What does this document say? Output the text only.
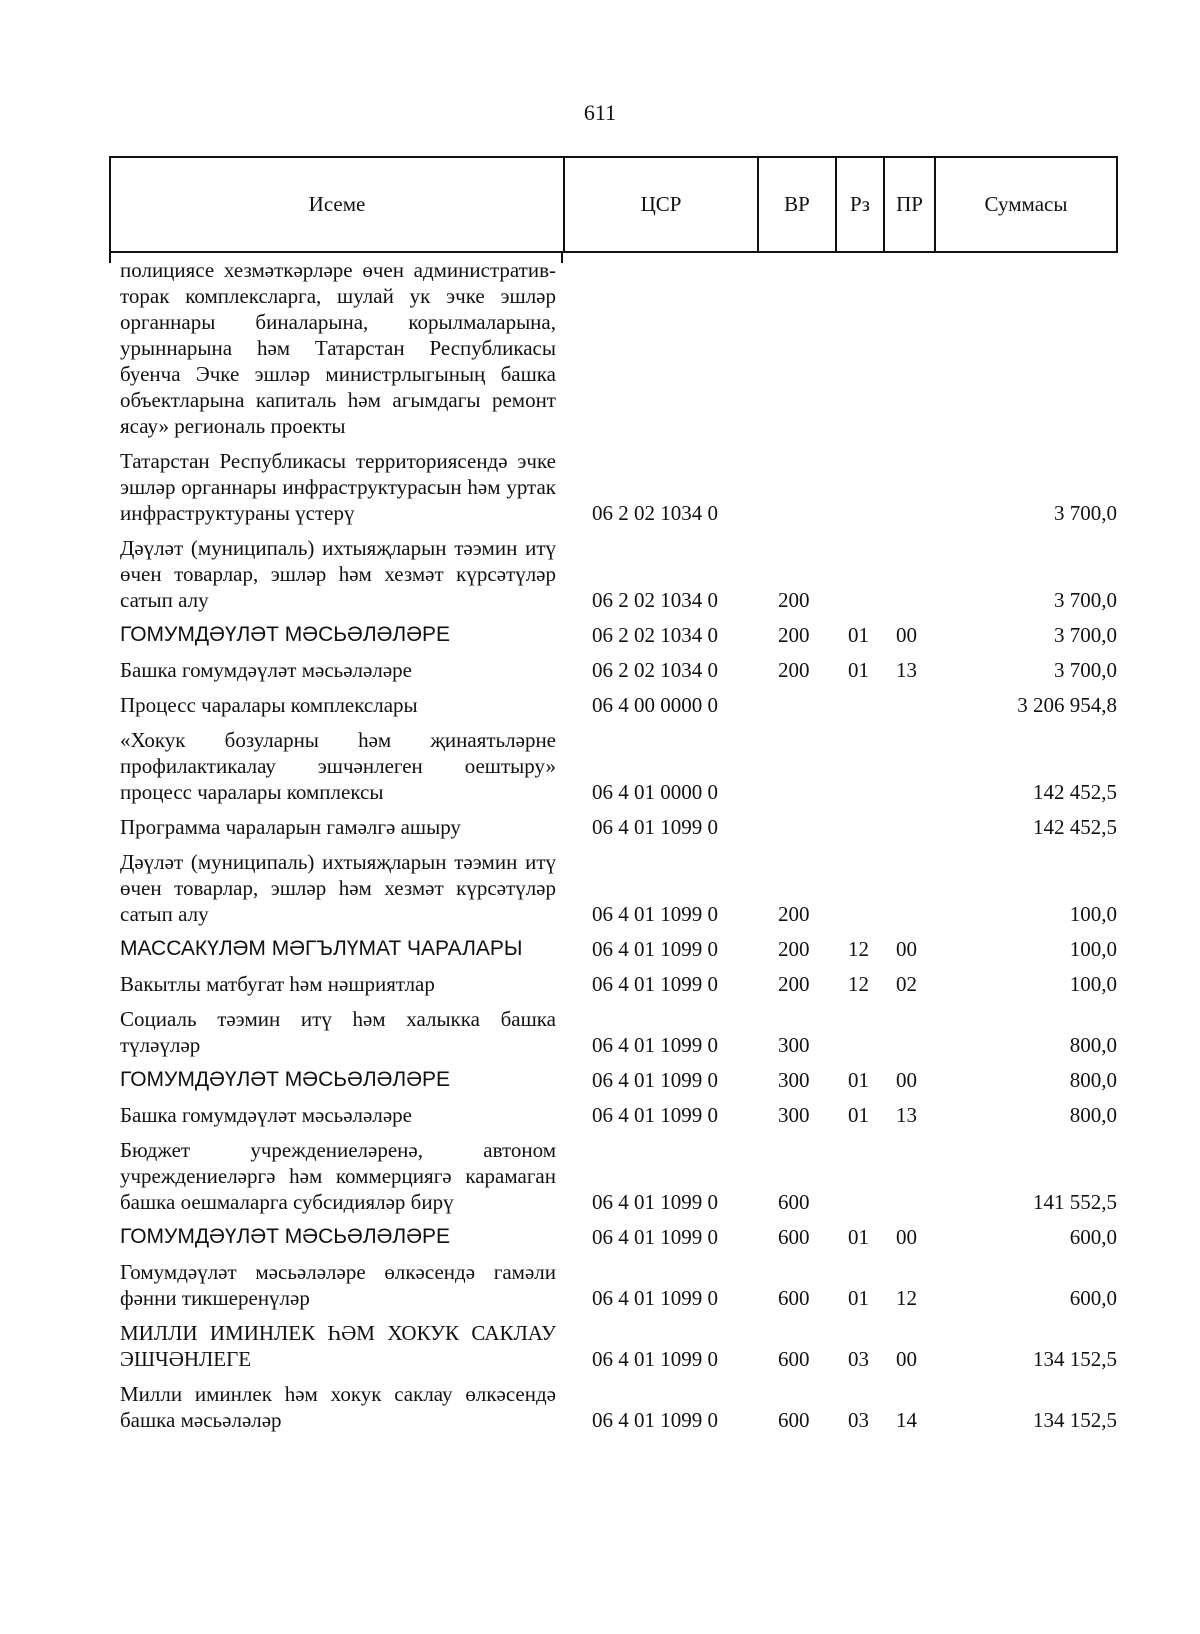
611
Исеме	ЦСР	ВР	Рз	ПР	Суммасы
полициясе хезмәткәрләре өчен административ-торак комплексларга, шулай ук эчке эшләр органнары биналарына, корылмаларына, урыннарына һәм Татарстан Республикасы буенча Эчке эшләр министрлыгының башка объектларына капиталь һәм агымдагы ремонт ясау» региональ проекты
Татарстан Республикасы территориясендә эчке эшләр органнары инфраструктурасын һәм уртак инфраструктураны үстерү	06 2 02 1034 0	3 700,0
Дәүләт (муниципаль) ихтыяҗларын тәэмин итү өчен товарлар, эшләр һәм хезмәт күрсәтүләр сатып алу	06 2 02 1034 0	200	3 700,0
ГОМУМДӘҮЛӘТ МӘСЬӘЛӘЛӘРЕ	06 2 02 1034 0	200 01 00	3 700,0
Башка гомумдәүләт мәсьәләләре	06 2 02 1034 0	200 01 13	3 700,0
Процесс чаралары комплекслары	06 4 00 0000 0	3 206 954,8
«Хокук бозуларны һәм җинаятьләрне профилактикалау эшчәнлеген оештыру» процесс чаралары комплексы	06 4 01 0000 0	142 452,5
Программа чараларын гамәлгә ашыру	06 4 01 1099 0	142 452,5
Дәүләт (муниципаль) ихтыяҗларын тәэмин итү өчен товарлар, эшләр һәм хезмәт күрсәтүләр сатып алу	06 4 01 1099 0	200	100,0
МАССАКҮЛӘМ МӘГЪЛҮМАТ ЧАРАЛАРЫ	06 4 01 1099 0	200 12 00	100,0
Вакытлы матбугат һәм нәшриятлар	06 4 01 1099 0	200 12 02	100,0
Социаль тәэмин итү һәм халыкка башка түләүләр	06 4 01 1099 0	300	800,0
ГОМУМДӘҮЛӘТ МӘСЬӘЛӘЛӘРЕ	06 4 01 1099 0	300 01 00	800,0
Башка гомумдәүләт мәсьәләләре	06 4 01 1099 0	300 01 13	800,0
Бюджет учреждениеләренә, автоном учреждениеләргә һәм коммерциягә карамаган башка оешмаларга субсидияләр бирү	06 4 01 1099 0	600	141 552,5
ГОМУМДӘҮЛӘТ МӘСЬӘЛӘЛӘРЕ	06 4 01 1099 0	600 01 00	600,0
Гомумдәүләт мәсьәләләре өлкәсендә гамәли фәнни тикшеренүләр	06 4 01 1099 0	600 01 12	600,0
МИЛЛИ ИМИНЛЕК ҺӘМ ХОКУК САКЛАУ ЭШЧӘНЛЕГЕ	06 4 01 1099 0	600 03 00	134 152,5
Милли иминлек һәм хокук саклау өлкәсендә башка мәсьәләләр	06 4 01 1099 0	600 03 14	134 152,5
